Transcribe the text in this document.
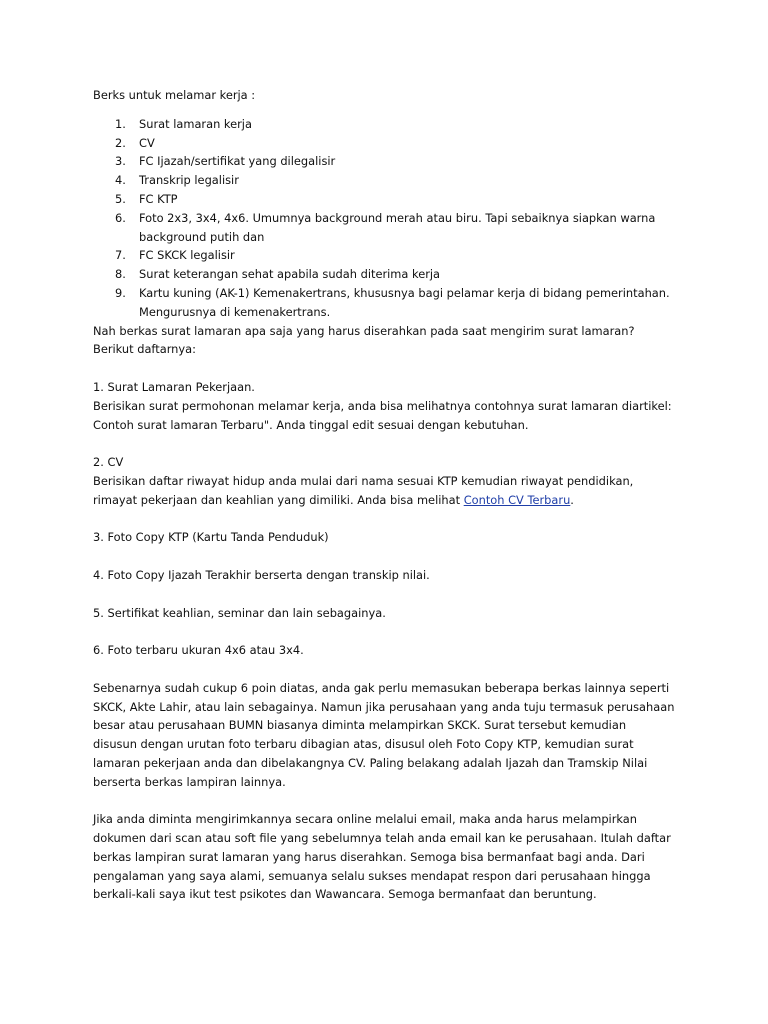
Berks untuk melamar kerja :

1.	Surat lamaran kerja
2.	CV
3.	FC Ijazah/sertifikat yang dilegalisir
4.	Transkrip legalisir
5.	FC KTP
6.	Foto 2x3, 3x4, 4x6. Umumnya background merah atau biru. Tapi sebaiknya siapkan warna background putih dan
7.	FC SKCK legalisir
8.	Surat keterangan sehat apabila sudah diterima kerja
9.	Kartu kuning (AK-1) Kemenakertrans, khususnya bagi pelamar kerja di bidang pemerintahan. Mengurusnya di kemenakertrans.

Nah berkas surat lamaran apa saja yang harus diserahkan pada saat mengirim surat lamaran?

Berikut daftarnya:

1. Surat Lamaran Pekerjaan.

Berisikan surat permohonan melamar kerja, anda bisa melihatnya contohnya surat lamaran diartikel:

Contoh surat lamaran Terbaru". Anda tinggal edit sesuai dengan kebutuhan.

2. CV

Berisikan daftar riwayat hidup anda mulai dari nama sesuai KTP kemudian riwayat pendidikan,

rimayat pekerjaan dan keahlian yang dimiliki. Anda bisa melihat Contoh CV Terbaru.

3. Foto Copy KTP (Kartu Tanda Penduduk)

4. Foto Copy Ijazah Terakhir berserta dengan transkip nilai.

5. Sertifikat keahlian, seminar dan lain sebagainya.

6. Foto terbaru ukuran 4x6 atau 3x4.

Sebenarnya sudah cukup 6 poin diatas, anda gak perlu memasukan beberapa berkas lainnya seperti

SKCK, Akte Lahir, atau lain sebagainya. Namun jika perusahaan yang anda tuju termasuk perusahaan

besar atau perusahaan BUMN biasanya diminta melampirkan SKCK. Surat tersebut kemudian

disusun dengan urutan foto terbaru dibagian atas, disusul oleh Foto Copy KTP, kemudian surat

lamaran pekerjaan anda dan dibelakangnya CV. Paling belakang adalah Ijazah dan Tramskip Nilai

berserta berkas lampiran lainnya.

Jika anda diminta mengirimkannya secara online melalui email, maka anda harus melampirkan

dokumen dari scan atau soft file yang sebelumnya telah anda email kan ke perusahaan. Itulah daftar

berkas lampiran surat lamaran yang harus diserahkan. Semoga bisa bermanfaat bagi anda. Dari

pengalaman yang saya alami, semuanya selalu sukses mendapat respon dari perusahaan hingga

berkali-kali saya ikut test psikotes dan Wawancara. Semoga bermanfaat dan beruntung.
